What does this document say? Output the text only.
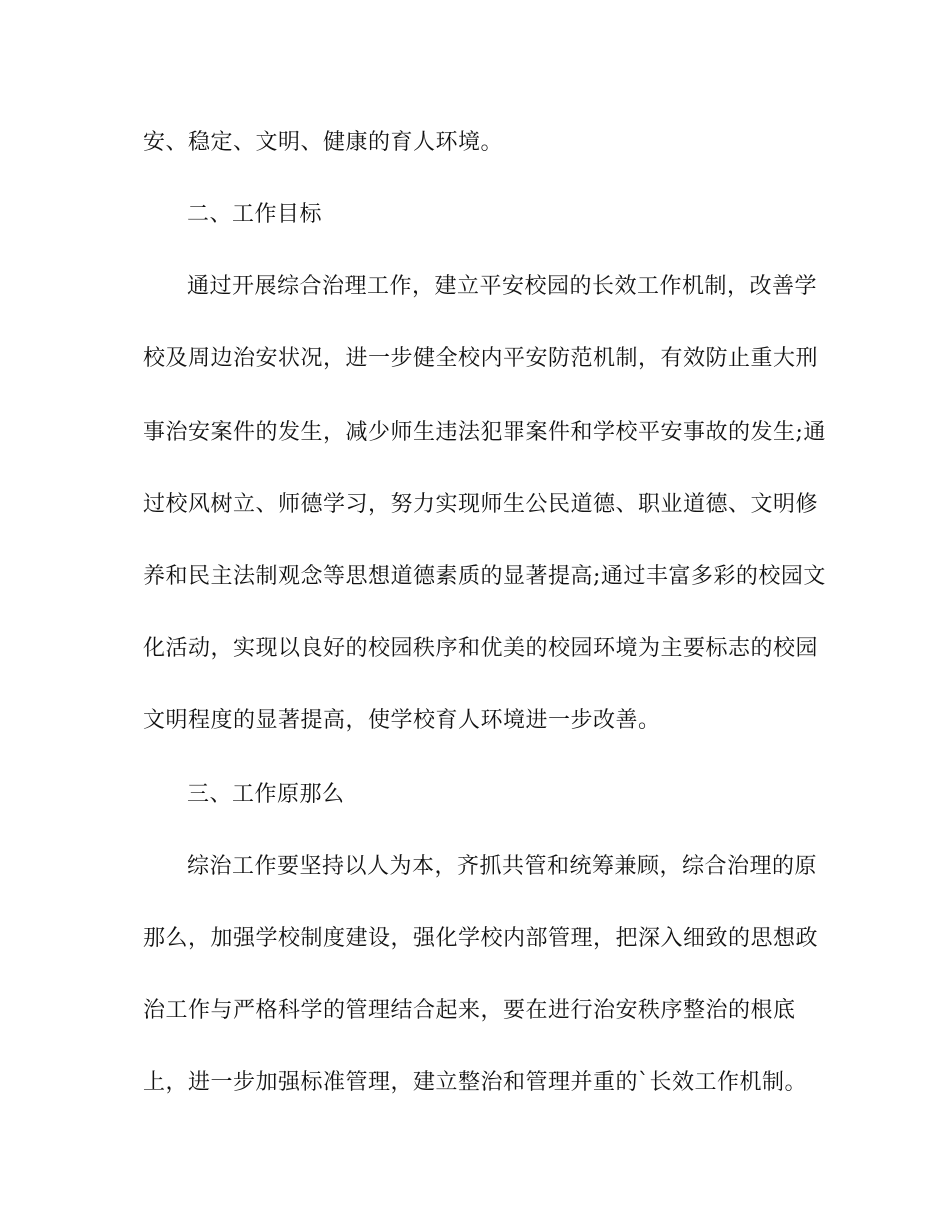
安、稳定、文明、健康的育人环境。
二、工作目标
通过开展综合治理工作，建立平安校园的长效工作机制，改善学
校及周边治安状况，进一步健全校内平安防范机制，有效防止重大刑
事治安案件的发生，减少师生违法犯罪案件和学校平安事故的发生;通
过校风树立、师德学习，努力实现师生公民道德、职业道德、文明修
养和民主法制观念等思想道德素质的显著提高;通过丰富多彩的校园文
化活动，实现以良好的校园秩序和优美的校园环境为主要标志的校园
文明程度的显著提高，使学校育人环境进一步改善。
三、工作原那么
综治工作要坚持以人为本，齐抓共管和统筹兼顾，综合治理的原
那么，加强学校制度建设，强化学校内部管理，把深入细致的思想政
治工作与严格科学的管理结合起来，要在进行治安秩序整治的根底
上，进一步加强标准管理，建立整治和管理并重的`长效工作机制。
